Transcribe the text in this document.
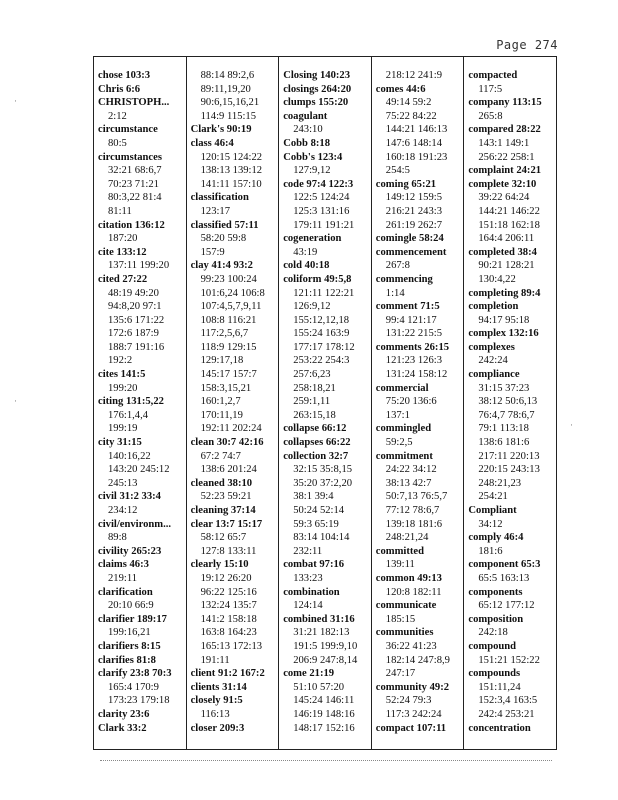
Page 274
chose 103:3
Chris 6:6
CHRISTOPH...
2:12
circumstance
80:5
circumstances
32:21 68:6,7
70:23 71:21
80:3,22 81:4
81:11
citation 136:12
187:20
cite 133:12
137:11 199:20
cited 27:22
48:19 49:20
94:8,20 97:1
135:6 171:22
172:6 187:9
188:7 191:16
192:2
cites 141:5
199:20
citing 131:5,22
176:1,4,4
199:19
city 31:15
140:16,22
143:20 245:12
245:13
civil 31:2 33:4
234:12
civil/environm...
89:8
civility 265:23
claims 46:3
219:11
clarification
20:10 66:9
clarifier 189:17
199:16,21
clarifiers 8:15
clarifies 81:8
clarify 23:8 70:3
165:4 170:9
173:23 179:18
clarity 23:6
Clark 33:2
88:14 89:2,6
89:11,19,20
90:6,15,16,21
114:9 115:15
Clark's 90:19
class 46:4
120:15 124:22
138:13 139:12
141:11 157:10
classification
123:17
classified 57:11
58:20 59:8
157:9
clay 41:4 93:2
99:23 100:24
101:6,24 106:8
107:4,5,7,9,11
108:8 116:21
117:2,5,6,7
118:9 129:15
129:17,18
145:17 157:7
158:3,15,21
160:1,2,7
170:11,19
192:11 202:24
clean 30:7 42:16
67:2 74:7
138:6 201:24
cleaned 38:10
52:23 59:21
cleaning 37:14
clear 13:7 15:17
58:12 65:7
127:8 133:11
clearly 15:10
19:12 26:20
96:22 125:16
132:24 135:7
141:2 158:18
163:8 164:23
165:13 172:13
191:11
client 91:2 167:2
clients 31:14
closely 91:5
116:13
closer 209:3
Closing 140:23
closings 264:20
clumps 155:20
coagulant
243:10
Cobb 8:18
Cobb's 123:4
127:9,12
code 97:4 122:3
122:5 124:24
125:3 131:16
179:11 191:21
cogeneration
43:19
cold 40:18
coliform 49:5,8
121:11 122:21
126:9,12
155:12,12,18
155:24 163:9
177:17 178:12
253:22 254:3
257:6,23
258:18,21
259:1,11
263:15,18
collapse 66:12
collapses 66:22
collection 32:7
32:15 35:8,15
35:20 37:2,20
38:1 39:4
50:24 52:14
59:3 65:19
83:14 104:14
232:11
combat 97:16
133:23
combination
124:14
combined 31:16
31:21 182:13
191:5 199:9,10
206:9 247:8,14
come 21:19
51:10 57:20
145:24 146:11
146:19 148:16
148:17 152:16
218:12 241:9
comes 44:6
49:14 59:2
75:22 84:22
144:21 146:13
147:6 148:14
160:18 191:23
254:5
coming 65:21
149:12 159:5
216:21 243:3
261:19 262:7
comingle 58:24
commencement
267:8
commencing
1:14
comment 71:5
99:4 121:17
131:22 215:5
comments 26:15
121:23 126:3
131:24 158:12
commercial
75:20 136:6
137:1
commingled
59:2,5
commitment
24:22 34:12
38:13 42:7
50:7,13 76:5,7
77:12 78:6,7
139:18 181:6
248:21,24
committed
139:11
common 49:13
120:8 182:11
communicate
185:15
communities
36:22 41:23
182:14 247:8,9
247:17
community 49:2
52:24 79:3
117:3 242:24
compact 107:11
compacted
117:5
company 113:15
265:8
compared 28:22
143:1 149:1
256:22 258:1
complaint 24:21
complete 32:10
39:22 64:24
144:21 146:22
151:18 162:18
164:4 206:11
completed 38:4
90:21 128:21
130:4,22
completing 89:4
completion
94:17 95:18
complex 132:16
complexes
242:24
compliance
31:15 37:23
38:12 50:6,13
76:4,7 78:6,7
79:1 113:18
138:6 181:6
217:11 220:13
220:15 243:13
248:21,23
254:21
Compliant
34:12
comply 46:4
181:6
component 65:3
65:5 163:13
components
65:12 177:12
composition
242:18
compound
151:21 152:22
compounds
151:11,24
152:3,4 163:5
242:4 253:21
concentration
·
·
·
